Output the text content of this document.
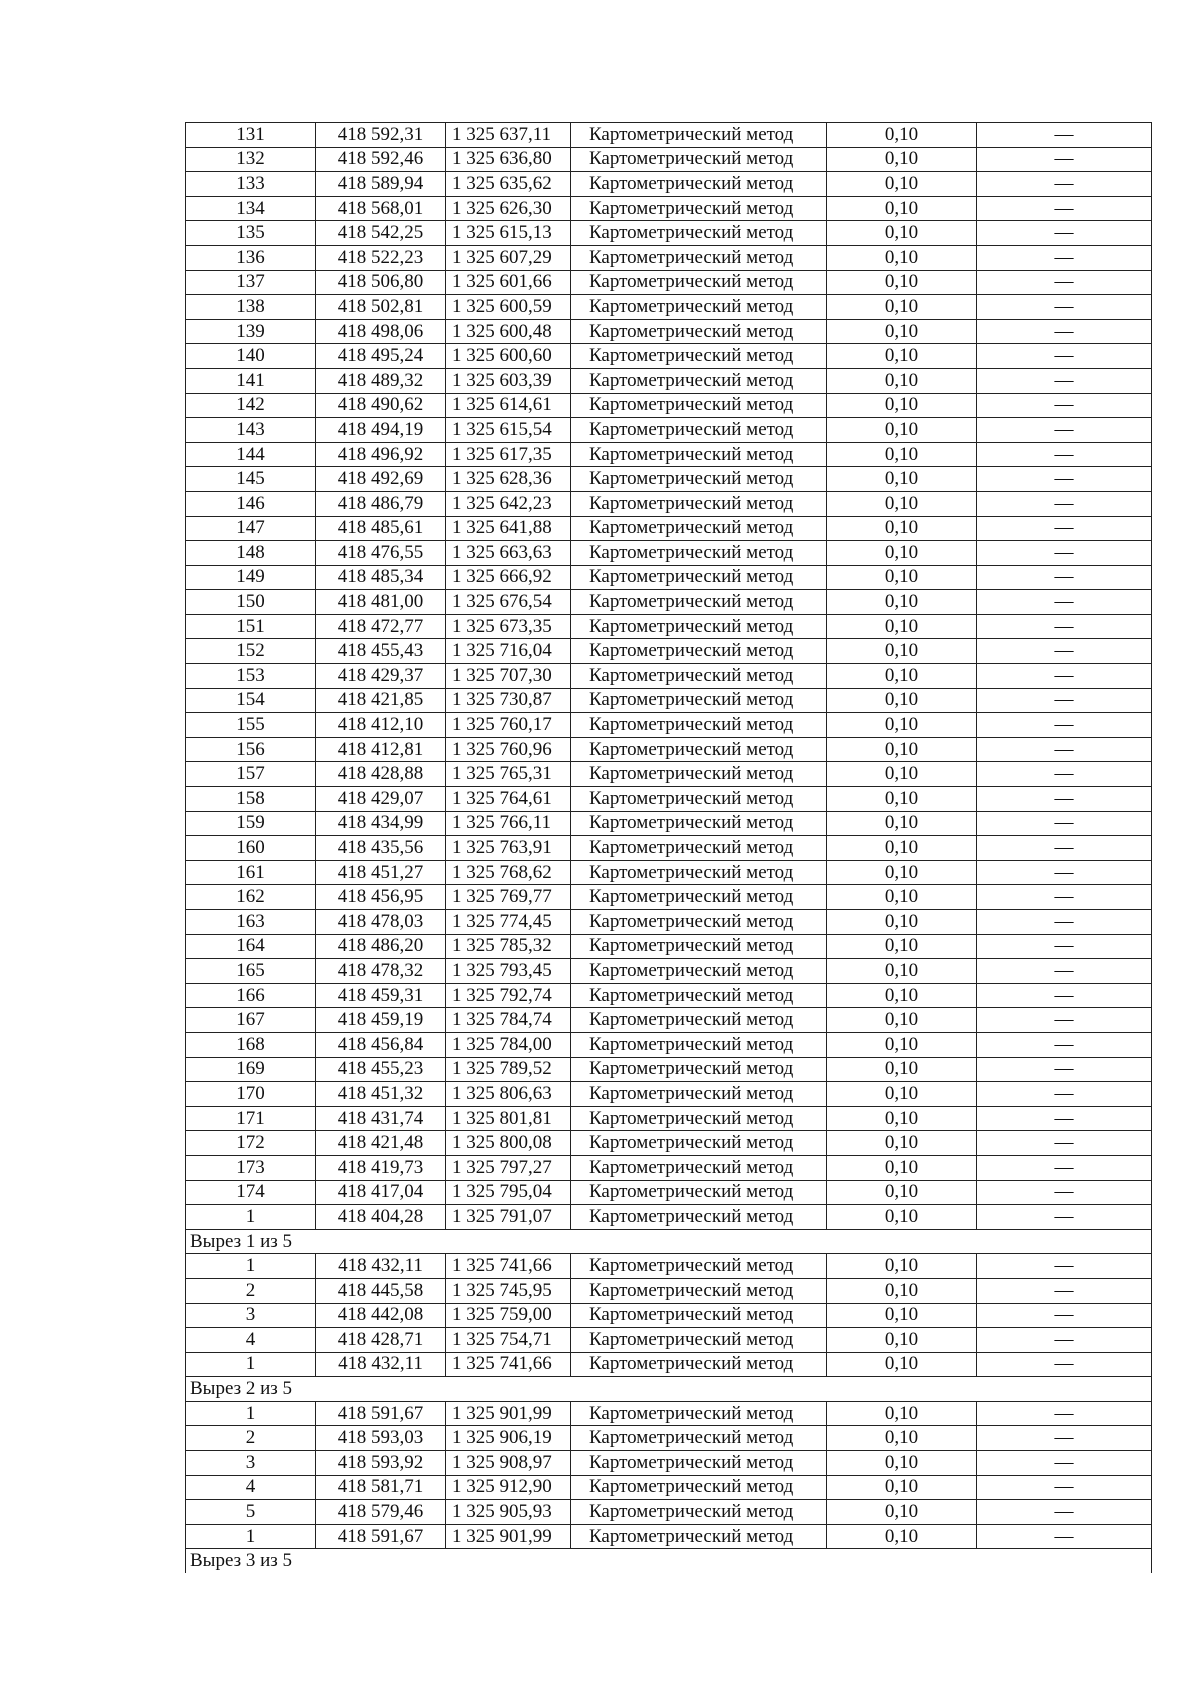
131	418 592,31	1 325 637,11	Картометрический метод	0,10	—
132	418 592,46	1 325 636,80	Картометрический метод	0,10	—
133	418 589,94	1 325 635,62	Картометрический метод	0,10	—
134	418 568,01	1 325 626,30	Картометрический метод	0,10	—
135	418 542,25	1 325 615,13	Картометрический метод	0,10	—
136	418 522,23	1 325 607,29	Картометрический метод	0,10	—
137	418 506,80	1 325 601,66	Картометрический метод	0,10	—
138	418 502,81	1 325 600,59	Картометрический метод	0,10	—
139	418 498,06	1 325 600,48	Картометрический метод	0,10	—
140	418 495,24	1 325 600,60	Картометрический метод	0,10	—
141	418 489,32	1 325 603,39	Картометрический метод	0,10	—
142	418 490,62	1 325 614,61	Картометрический метод	0,10	—
143	418 494,19	1 325 615,54	Картометрический метод	0,10	—
144	418 496,92	1 325 617,35	Картометрический метод	0,10	—
145	418 492,69	1 325 628,36	Картометрический метод	0,10	—
146	418 486,79	1 325 642,23	Картометрический метод	0,10	—
147	418 485,61	1 325 641,88	Картометрический метод	0,10	—
148	418 476,55	1 325 663,63	Картометрический метод	0,10	—
149	418 485,34	1 325 666,92	Картометрический метод	0,10	—
150	418 481,00	1 325 676,54	Картометрический метод	0,10	—
151	418 472,77	1 325 673,35	Картометрический метод	0,10	—
152	418 455,43	1 325 716,04	Картометрический метод	0,10	—
153	418 429,37	1 325 707,30	Картометрический метод	0,10	—
154	418 421,85	1 325 730,87	Картометрический метод	0,10	—
155	418 412,10	1 325 760,17	Картометрический метод	0,10	—
156	418 412,81	1 325 760,96	Картометрический метод	0,10	—
157	418 428,88	1 325 765,31	Картометрический метод	0,10	—
158	418 429,07	1 325 764,61	Картометрический метод	0,10	—
159	418 434,99	1 325 766,11	Картометрический метод	0,10	—
160	418 435,56	1 325 763,91	Картометрический метод	0,10	—
161	418 451,27	1 325 768,62	Картометрический метод	0,10	—
162	418 456,95	1 325 769,77	Картометрический метод	0,10	—
163	418 478,03	1 325 774,45	Картометрический метод	0,10	—
164	418 486,20	1 325 785,32	Картометрический метод	0,10	—
165	418 478,32	1 325 793,45	Картометрический метод	0,10	—
166	418 459,31	1 325 792,74	Картометрический метод	0,10	—
167	418 459,19	1 325 784,74	Картометрический метод	0,10	—
168	418 456,84	1 325 784,00	Картометрический метод	0,10	—
169	418 455,23	1 325 789,52	Картометрический метод	0,10	—
170	418 451,32	1 325 806,63	Картометрический метод	0,10	—
171	418 431,74	1 325 801,81	Картометрический метод	0,10	—
172	418 421,48	1 325 800,08	Картометрический метод	0,10	—
173	418 419,73	1 325 797,27	Картометрический метод	0,10	—
174	418 417,04	1 325 795,04	Картометрический метод	0,10	—
1	418 404,28	1 325 791,07	Картометрический метод	0,10	—
Вырез 1 из 5					
1	418 432,11	1 325 741,66	Картометрический метод	0,10	—
2	418 445,58	1 325 745,95	Картометрический метод	0,10	—
3	418 442,08	1 325 759,00	Картометрический метод	0,10	—
4	418 428,71	1 325 754,71	Картометрический метод	0,10	—
1	418 432,11	1 325 741,66	Картометрический метод	0,10	—
Вырез 2 из 5					
1	418 591,67	1 325 901,99	Картометрический метод	0,10	—
2	418 593,03	1 325 906,19	Картометрический метод	0,10	—
3	418 593,92	1 325 908,97	Картометрический метод	0,10	—
4	418 581,71	1 325 912,90	Картометрический метод	0,10	—
5	418 579,46	1 325 905,93	Картометрический метод	0,10	—
1	418 591,67	1 325 901,99	Картометрический метод	0,10	—
Вырез 3 из 5					
